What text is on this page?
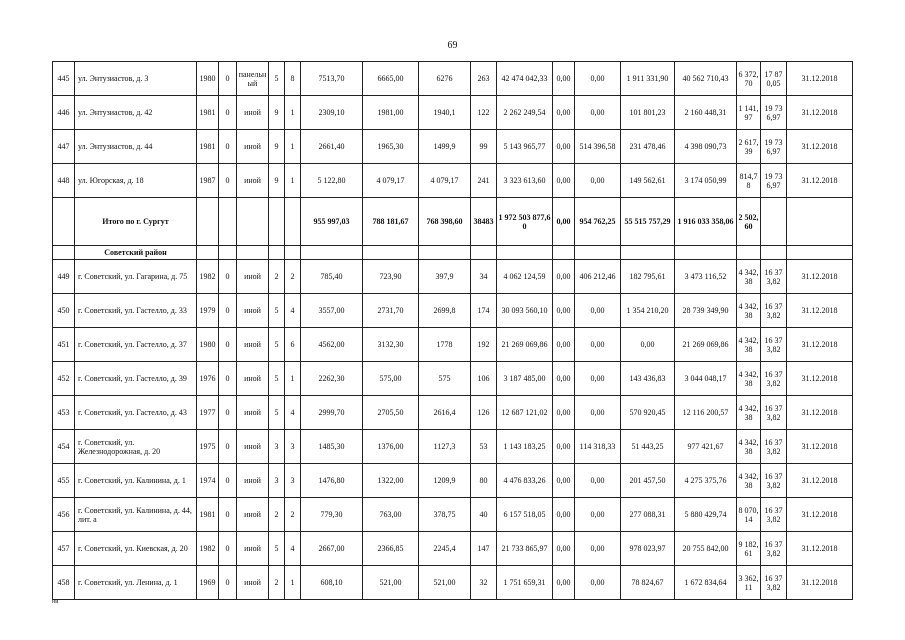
69
445	ул. Энтузиастов, д. 3	1980	0	панельный	5	8	7513,70	6665,00	6276	263	42 474 042,33	0,00	0,00	1 911 331,90	40 562 710,43	6 372,70	17 870,05	31.12.2018
446	ул. Энтузиастов, д. 42	1981	0	иной	9	1	2309,10	1981,00	1940,1	122	2 262 249,54	0,00	0,00	101 801,23	2 160 448,31	1 141,97	19 736,97	31.12.2018
447	ул. Энтузиастов, д. 44	1981	0	иной	9	1	2661,40	1965,30	1499,9	99	5 143 965,77	0,00	514 396,58	231 478,46	4 398 090,73	2 617,39	19 736,97	31.12.2018
448	ул. Югорская, д. 18	1987	0	иной	9	1	5 122,80	4 079,17	4 079,17	241	3 323 613,60	0,00	0,00	149 562,61	3 174 050,99	814,78	19 736,97	31.12.2018
	Итого по г. Сургут						955 997,03	788 181,67	768 398,60	38483	1 972 503 877,60	0,00	954 762,25	55 515 757,29	1 916 033 358,06	2 502,60		
	Советский район																	
449	г. Советский, ул. Гагарина, д. 75	1982	0	иной	2	2	785,40	723,90	397,9	34	4 062 124,59	0,00	406 212,46	182 795,61	3 473 116,52	4 342,38	16 373,82	31.12.2018
450	г. Советский, ул. Гастелло, д. 33	1979	0	иной	5	4	3557,00	2731,70	2699,8	174	30 093 560,10	0,00	0,00	1 354 210,20	28 739 349,90	4 342,38	16 373,82	31.12.2018
451	г. Советский, ул. Гастелло, д. 37	1980	0	иной	5	6	4562,00	3132,30	1778	192	21 269 069,86	0,00	0,00	0,00	21 269 069,86	4 342,38	16 373,82	31.12.2018
452	г. Советский, ул. Гастелло, д. 39	1976	0	иной	5	1	2262,30	575,00	575	106	3 187 485,00	0,00	0,00	143 436,83	3 044 048,17	4 342,38	16 373,82	31.12.2018
453	г. Советский, ул. Гастелло, д. 43	1977	0	иной	5	4	2999,70	2705,50	2616,4	126	12 687 121,02	0,00	0,00	570 920,45	12 116 200,57	4 342,38	16 373,82	31.12.2018
454	г. Советский, ул. Железнодорожная, д. 20	1975	0	иной	3	3	1485,30	1376,00	1127,3	53	1 143 183,25	0,00	114 318,33	51 443,25	977 421,67	4 342,38	16 373,82	31.12.2018
455	г. Советский, ул. Калинина, д. 1	1974	0	иной	3	3	1476,80	1322,00	1209,9	80	4 476 833,26	0,00	0,00	201 457,50	4 275 375,76	4 342,38	16 373,82	31.12.2018
456	г. Советский, ул. Калинина, д. 44, лит. а	1981	0	иной	2	2	779,30	763,00	378,75	40	6 157 518,05	0,00	0,00	277 088,31	5 880 429,74	8 070,14	16 373,82	31.12.2018
457	г. Советский, ул. Киевская, д. 20	1982	0	иной	5	4	2667,00	2366,85	2245,4	147	21 733 865,97	0,00	0,00	978 023,97	20 755 842,00	9 182,61	16 373,82	31.12.2018
458	г. Советский, ул. Ленина, д. 1	1969	0	иной	2	1	608,10	521,00	521,00	32	1 751 659,31	0,00	0,00	78 824,67	1 672 834,64	3 362,11	16 373,82	31.12.2018
ни
